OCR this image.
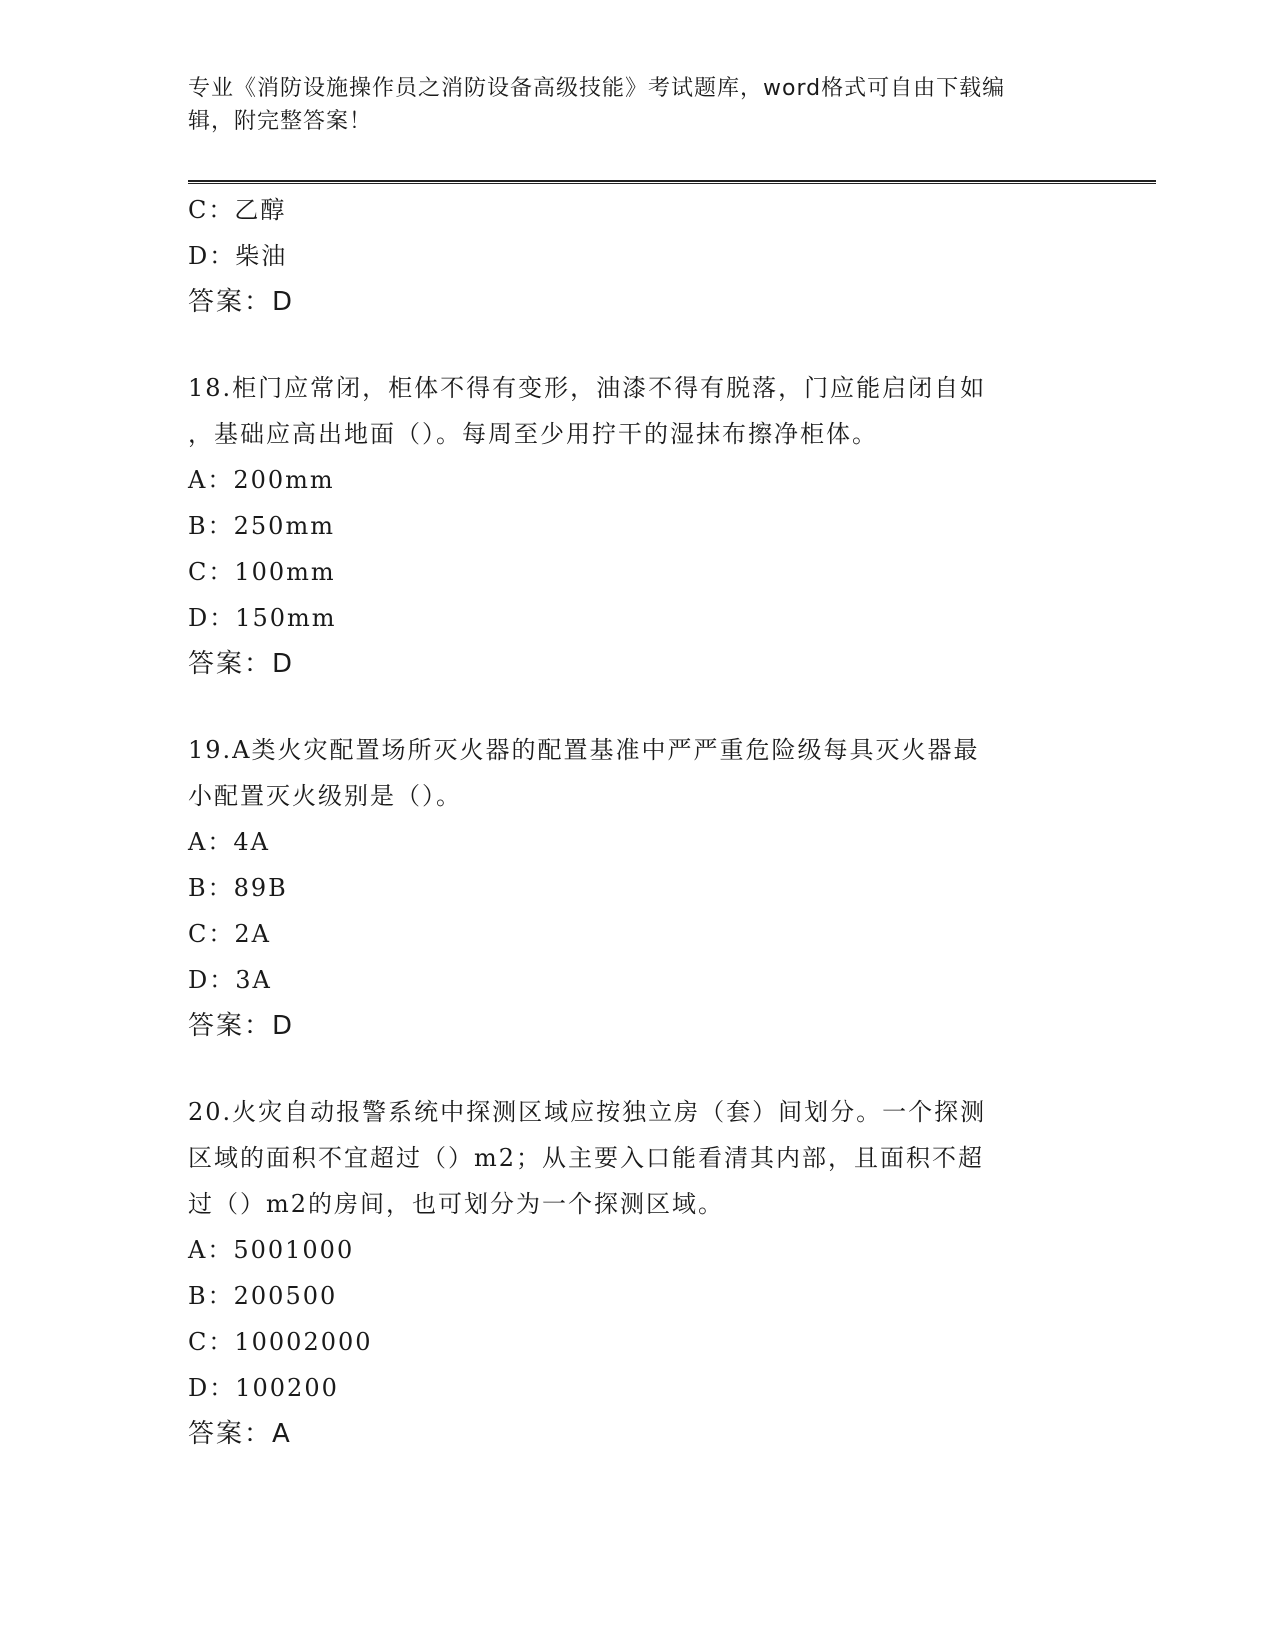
专业《消防设施操作员之消防设备高级技能》考试题库，word格式可自由下载编
辑，附完整答案！
C：乙醇
D：柴油
答案：D
18.柜门应常闭，柜体不得有变形，油漆不得有脱落，门应能启闭自如
，基础应高出地面（）。每周至少用拧干的湿抹布擦净柜体。
A：200mm
B：250mm
C：100mm
D：150mm
答案：D
19.A类火灾配置场所灭火器的配置基准中严严重危险级每具灭火器最
小配置灭火级别是（）。
A：4A
B：89B
C：2A
D：3A
答案：D
20.火灾自动报警系统中探测区域应按独立房（套）间划分。一个探测
区域的面积不宜超过（）m2；从主要入口能看清其内部，且面积不超
过（）m2的房间，也可划分为一个探测区域。
A：5001000
B：200500
C：10002000
D：100200
答案：A
